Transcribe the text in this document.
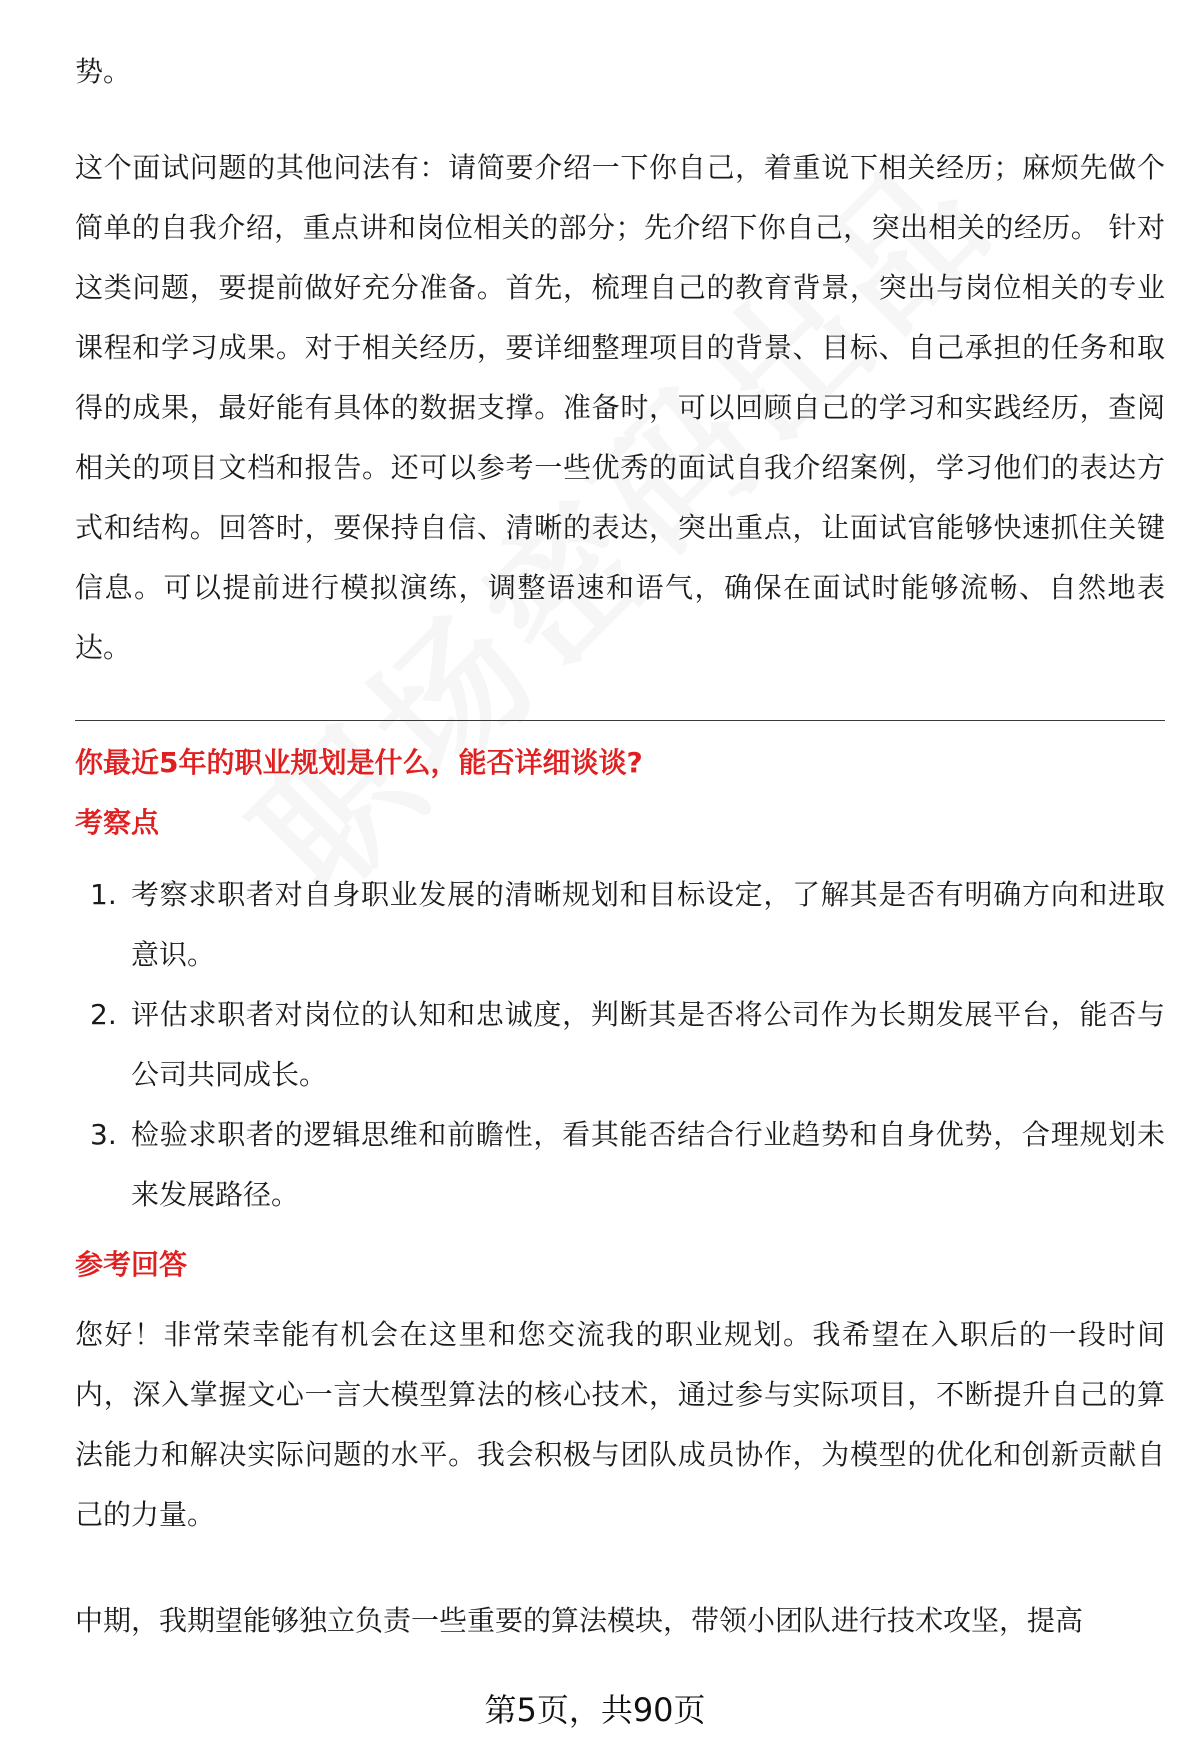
势。

这个面试问题的其他问法有：请简要介绍一下你自己，着重说下相关经历；麻烦先做个简单的自我介绍，重点讲和岗位相关的部分；先介绍下你自己，突出相关的经历。 针对这类问题，要提前做好充分准备。首先，梳理自己的教育背景，突出与岗位相关的专业课程和学习成果。对于相关经历，要详细整理项目的背景、目标、自己承担的任务和取得的成果，最好能有具体的数据支撑。准备时，可以回顾自己的学习和实践经历，查阅相关的项目文档和报告。还可以参考一些优秀的面试自我介绍案例，学习他们的表达方式和结构。回答时，要保持自信、清晰的表达，突出重点，让面试官能够快速抓住关键信息。可以提前进行模拟演练，调整语速和语气，确保在面试时能够流畅、自然地表达。

你最近5年的职业规划是什么，能否详细谈谈?
考察点
1. 考察求职者对自身职业发展的清晰规划和目标设定，了解其是否有明确方向和进取意识。
2. 评估求职者对岗位的认知和忠诚度，判断其是否将公司作为长期发展平台，能否与公司共同成长。
3. 检验求职者的逻辑思维和前瞻性，看其能否结合行业趋势和自身优势，合理规划未来发展路径。
参考回答

您好！非常荣幸能有机会在这里和您交流我的职业规划。我希望在入职后的一段时间内，深入掌握文心一言大模型算法的核心技术，通过参与实际项目，不断提升自己的算法能力和解决实际问题的水平。我会积极与团队成员协作，为模型的优化和创新贡献自己的力量。

中期，我期望能够独立负责一些重要的算法模块，带领小团队进行技术攻坚，提高

第5页，共90页
